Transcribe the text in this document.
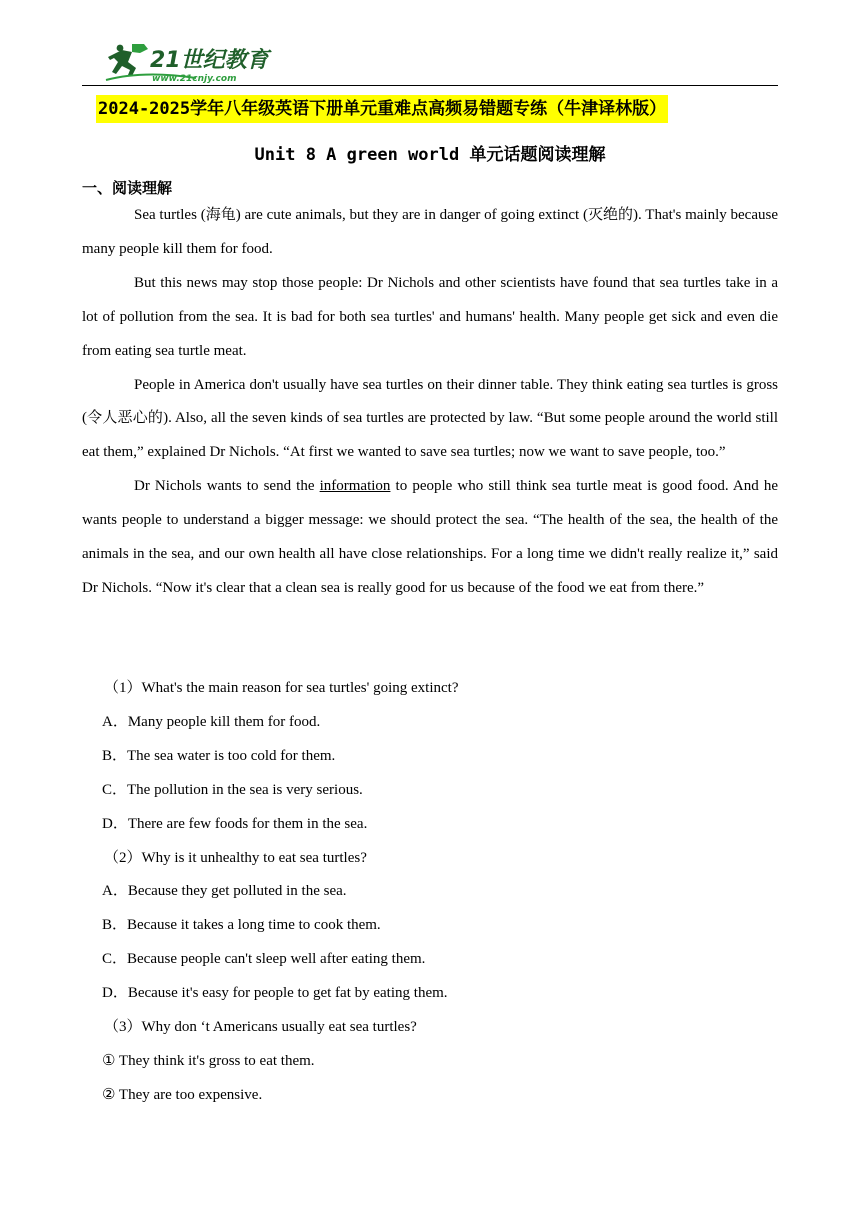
21世纪教育
www.21cnjy.com
2024-2025学年八年级英语下册单元重难点高频易错题专练（牛津译林版）
Unit 8 A green world 单元话题阅读理解
一、阅读理解

Sea turtles (海龟) are cute animals, but they are in danger of going extinct (灭绝的). That's mainly because many people kill them for food.

But this news may stop those people: Dr Nichols and other scientists have found that sea turtles take in a lot of pollution from the sea. It is bad for both sea turtles' and humans' health. Many people get sick and even die from eating sea turtle meat.

People in America don't usually have sea turtles on their dinner table. They think eating sea turtles is gross (令人恶心的). Also, all the seven kinds of sea turtles are protected by law. “But some people around the world still eat them,” explained Dr Nichols. “At first we wanted to save sea turtles; now we want to save people, too.”

Dr Nichols wants to send the information to people who still think sea turtle meat is good food. And he wants people to understand a bigger message: we should protect the sea. “The health of the sea, the health of the animals in the sea, and our own health all have close relationships. For a long time we didn't really realize it,” said Dr Nichols. “Now it's clear that a clean sea is really good for us because of the food we eat from there.”

（1）What's the main reason for sea turtles' going extinct?
A．Many people kill them for food.
B．The sea water is too cold for them.
C．The pollution in the sea is very serious.
D．There are few foods for them in the sea.
（2）Why is it unhealthy to eat sea turtles?
A．Because they get polluted in the sea.
B．Because it takes a long time to cook them.
C．Because people can't sleep well after eating them.
D．Because it's easy for people to get fat by eating them.
（3）Why don ‘t Americans usually eat sea turtles?
① They think it's gross to eat them.
② They are too expensive.
